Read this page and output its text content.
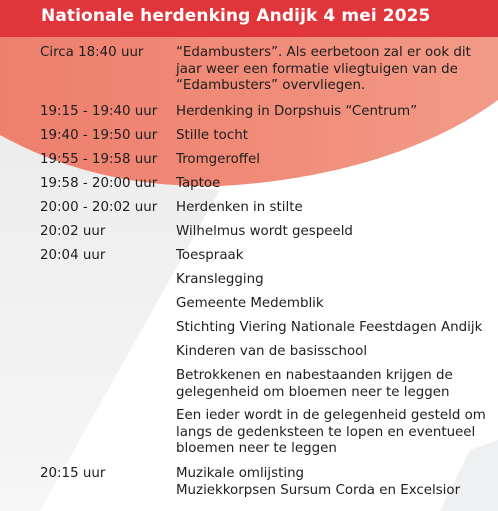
Nationale herdenking Andijk 4 mei 2025
Circa 18:40 uur “Edambusters”. Als eerbetoon zal er ook dit
jaar weer een formatie vliegtuigen van de
“Edambusters” overvliegen.
19:15 - 19:40 uur Herdenking in Dorpshuis “Centrum”
19:40 - 19:50 uur Stille tocht
19:55 - 19:58 uur Tromgeroffel
19:58 - 20:00 uur Taptoe
20:00 - 20:02 uur Herdenken in stilte
20:02 uur	Wilhelmus wordt gespeeld
20:04 uur	Toespraak
Kranslegging
Gemeente Medemblik
Stichting Viering Nationale Feestdagen Andijk
Kinderen van de basisschool
Betrokkenen en nabestaanden krijgen de
gelegenheid om bloemen neer te leggen
Een ieder wordt in de gelegenheid gesteld om
langs de gedenksteen te lopen en eventueel
bloemen neer te leggen
20:15 uur	Muzikale omlijsting
Muziekkorpsen Sursum Corda en Excelsior
